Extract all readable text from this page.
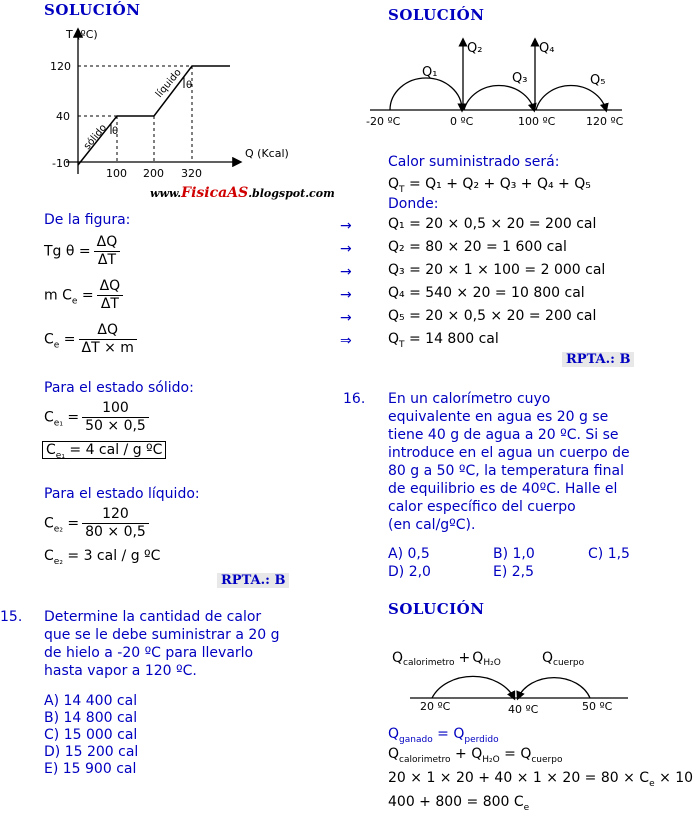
SOLUCIÓN
θ
θ
T (ºC)
Q (Kcal)
120
40
-10
100 200 320
sólido
líquido
www.FisicaAS.blogspot.com
De la figura:
Tg $\theta = \frac{\Delta Q}{\Delta T}$
m $C_e = \frac{\Delta Q}{\Delta T}$
$C_e = \frac{\Delta Q}{\Delta T \times m}$
Para el estado sólido:
$C_{e_1} = \frac{100}{50 \times 0,5}$
$C_{e_1} = 4$ cal / g ºC
Para el estado líquido:
$C_{e_2} = \frac{120}{80 \times 0,5}$
$C_{e_2} = 3$ cal / g ºC
RPTA.: B
15. Determine la cantidad de calor
que se le debe suministrar a 20 g
de hielo a -20 ºC para llevarlo
hasta vapor a 120 ºC.
A) 14 400 cal
B) 14 800 cal
C) 15 000 cal
D) 15 200 cal
E) 15 900 cal
SOLUCIÓN
Q₁
Q₂
Q₃
Q₄
Q₅
-20 ºC	0 ºC	100 ºC	120 ºC
Calor suministrado será:
$Q_T = Q_1 + Q_2 + Q_3 + Q_4 + Q_5$
Donde:
→	Q₁ = 20 × 0,5 × 20 = 200 cal
→	Q₂ = 80 × 20 = 1 600 cal
→	Q₃ = 20 × 1 × 100 = 2 000 cal
→	Q₄ = 540 × 20 = 10 800 cal
→	Q₅ = 20 × 0,5 × 20 = 200 cal
⇒	$Q_T = 14$ 800 cal
RPTA.: B
16. En un calorímetro cuyo
equivalente en agua es 20 g se
tiene 40 g de agua a 20 ºC. Si se
introduce en el agua un cuerpo de
80 g a 50 ºC, la temperatura final
de equilibrio es de 40ºC. Halle el
calor específico del cuerpo
(en cal/gºC).
A) 0,5	B) 1,0	C) 1,5
D) 2,0	E) 2,5
SOLUCIÓN
$Q_{calorimetro} + Q_{H_2O}$	$Q_{cuerpo}$
20 ºC	40 ºC	50 ºC
$Q_{ganado} = Q_{perdido}$
$Q_{calorimetro} + Q_{H_2O} = Q_{cuerpo}$
$20 \times 1 \times 20 + 40 \times 1 \times 20 = 80 \times C_e \times 10$
400 + 800 = 800 $C_e$
